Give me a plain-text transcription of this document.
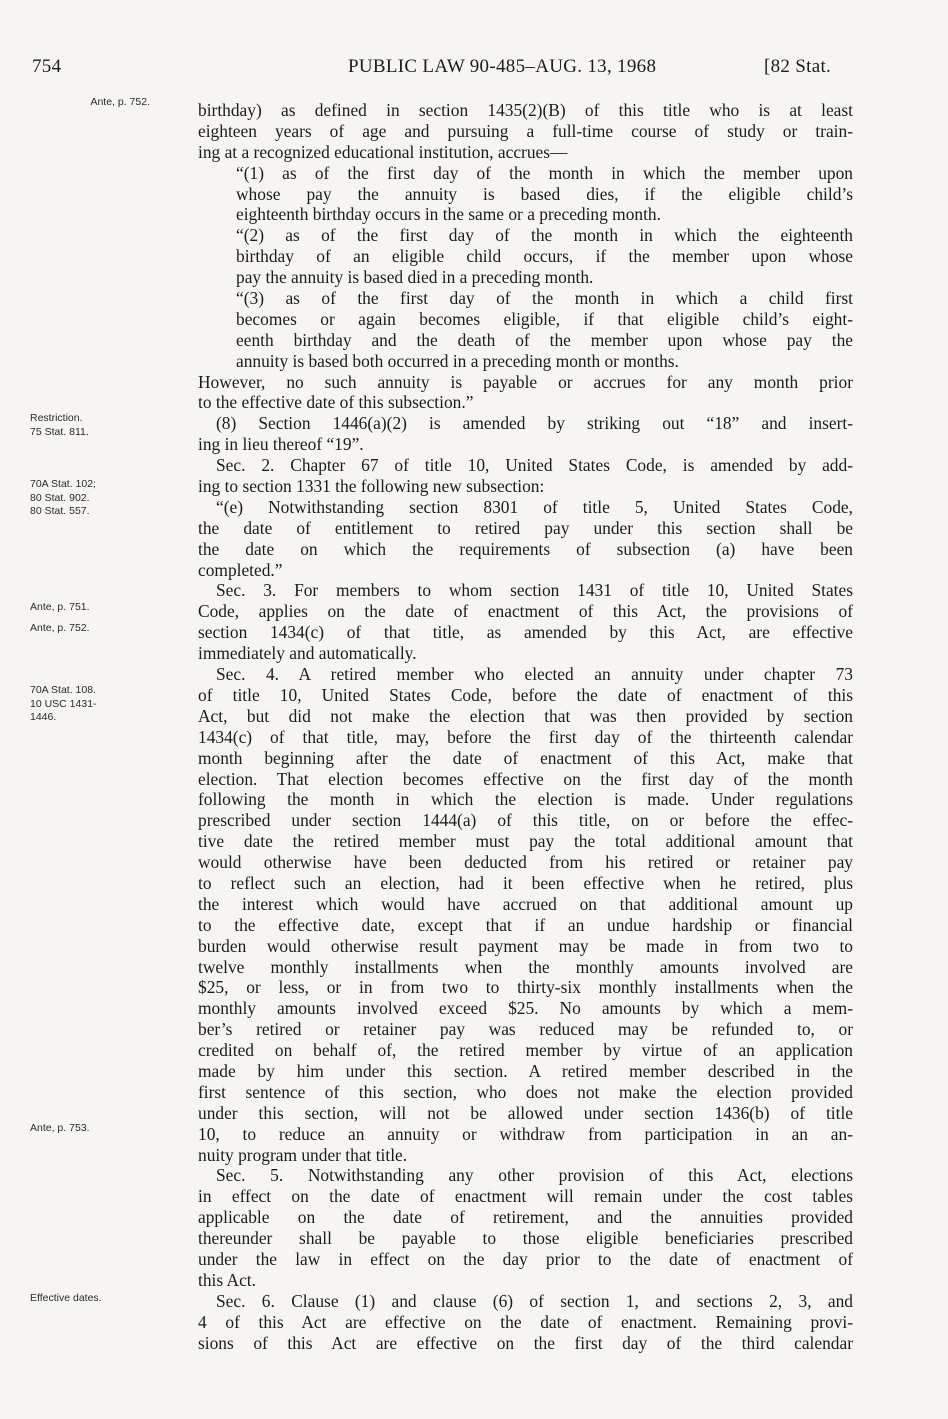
754	PUBLIC LAW 90-485–AUG. 13, 1968	[82 Stat.
Ante, p. 752.
Restriction.
75 Stat. 811.
70A Stat. 102;
80 Stat. 902.
80 Stat. 557.
Ante, p. 751.
Ante, p. 752.
70A Stat. 108.
10 USC 1431-
1446.
Ante, p. 753.
Effective dates.
birthday) as defined in section 1435(2)(B) of this title who is at least
eighteen years of age and pursuing a full-time course of study or train-
ing at a recognized educational institution, accrues—
“(1) as of the first day of the month in which the member upon
whose pay the annuity is based dies, if the eligible child’s
eighteenth birthday occurs in the same or a preceding month.
“(2) as of the first day of the month in which the eighteenth
birthday of an eligible child occurs, if the member upon whose
pay the annuity is based died in a preceding month.
“(3) as of the first day of the month in which a child first
becomes or again becomes eligible, if that eligible child’s eight-
eenth birthday and the death of the member upon whose pay the
annuity is based both occurred in a preceding month or months.
However, no such annuity is payable or accrues for any month prior
to the effective date of this subsection.”
(8) Section 1446(a)(2) is amended by striking out “18” and insert-
ing in lieu thereof “19”.
Sec. 2. Chapter 67 of title 10, United States Code, is amended by add-
ing to section 1331 the following new subsection:
“(e) Notwithstanding section 8301 of title 5, United States Code,
the date of entitlement to retired pay under this section shall be
the date on which the requirements of subsection (a) have been
completed.”
Sec. 3. For members to whom section 1431 of title 10, United States
Code, applies on the date of enactment of this Act, the provisions of
section 1434(c) of that title, as amended by this Act, are effective
immediately and automatically.
Sec. 4. A retired member who elected an annuity under chapter 73
of title 10, United States Code, before the date of enactment of this
Act, but did not make the election that was then provided by section
1434(c) of that title, may, before the first day of the thirteenth calendar
month beginning after the date of enactment of this Act, make that
election. That election becomes effective on the first day of the month
following the month in which the election is made. Under regulations
prescribed under section 1444(a) of this title, on or before the effec-
tive date the retired member must pay the total additional amount that
would otherwise have been deducted from his retired or retainer pay
to reflect such an election, had it been effective when he retired, plus
the interest which would have accrued on that additional amount up
to the effective date, except that if an undue hardship or financial
burden would otherwise result payment may be made in from two to
twelve monthly installments when the monthly amounts involved are
$25, or less, or in from two to thirty-six monthly installments when the
monthly amounts involved exceed $25. No amounts by which a mem-
ber’s retired or retainer pay was reduced may be refunded to, or
credited on behalf of, the retired member by virtue of an application
made by him under this section. A retired member described in the
first sentence of this section, who does not make the election provided
under this section, will not be allowed under section 1436(b) of title
10, to reduce an annuity or withdraw from participation in an an-
nuity program under that title.
Sec. 5. Notwithstanding any other provision of this Act, elections
in effect on the date of enactment will remain under the cost tables
applicable on the date of retirement, and the annuities provided
thereunder shall be payable to those eligible beneficiaries prescribed
under the law in effect on the day prior to the date of enactment of
this Act.
Sec. 6. Clause (1) and clause (6) of section 1, and sections 2, 3, and
4 of this Act are effective on the date of enactment. Remaining provi-
sions of this Act are effective on the first day of the third calendar
